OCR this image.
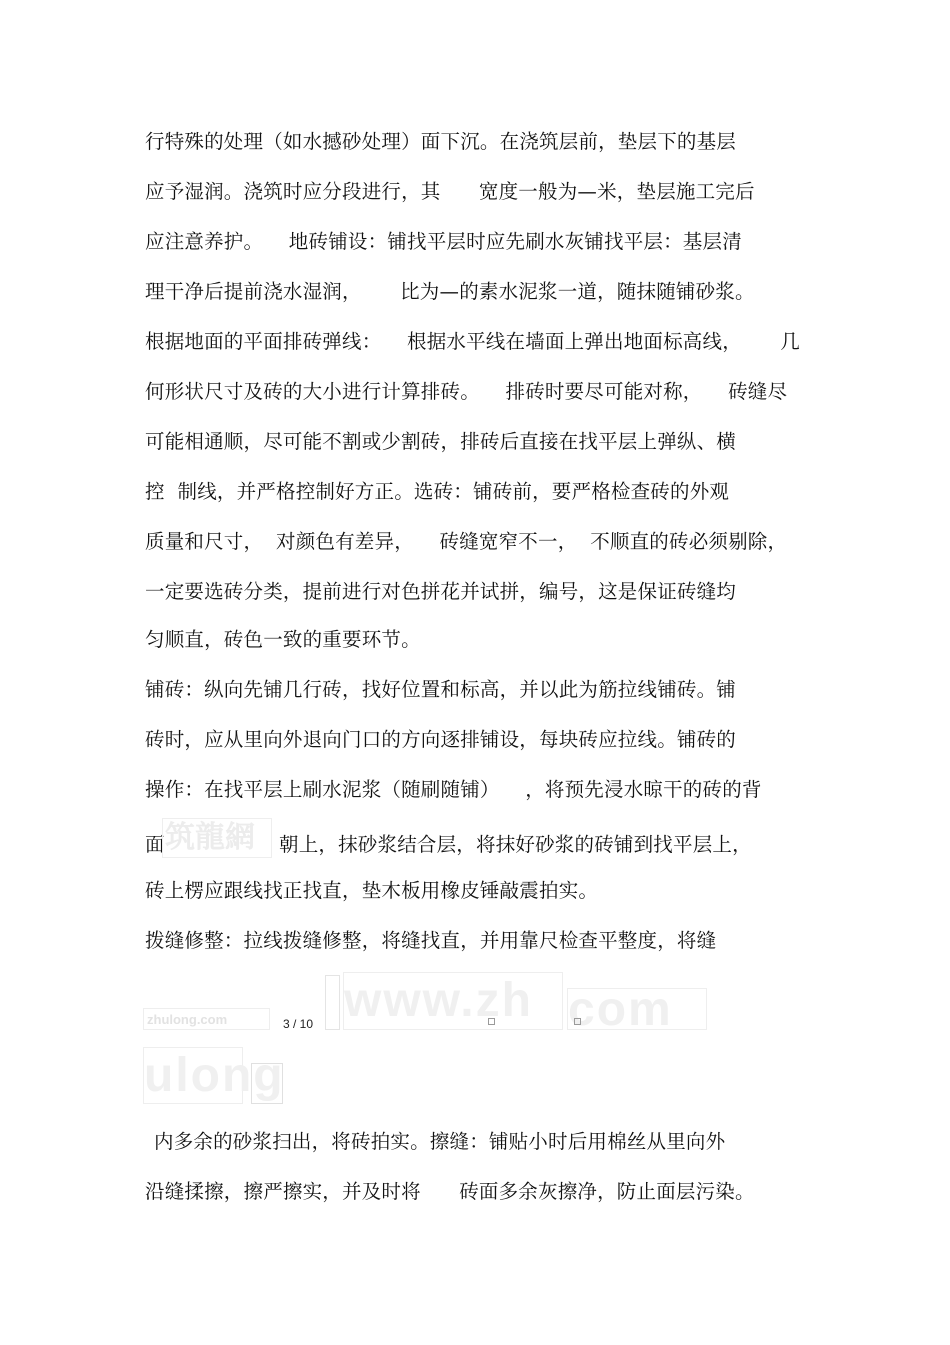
行特殊的处理（如水撼砂处理）面下沉。在浇筑层前，垫层下的基层
应予湿润。浇筑时应分段进行，其      宽度一般为—米，垫层施工完后
应注意养护。    地砖铺设：铺找平层时应先刷水灰铺找平层：基层清
理干净后提前浇水湿润，      比为—的素水泥浆一道，随抹随铺砂浆。
根据地面的平面排砖弹线：    根据水平线在墙面上弹出地面标高线，      几
何形状尺寸及砖的大小进行计算排砖。    排砖时要尽可能对称，    砖缝尽
可能相通顺，尽可能不割或少割砖，排砖后直接在找平层上弹纵、横
控  制线，并严格控制好方正。选砖：铺砖前，要严格检查砖的外观
质量和尺寸，  对颜色有差异，    砖缝宽窄不一，  不顺直的砖必须剔除，
一定要选砖分类，提前进行对色拼花并试拼，编号，这是保证砖缝均
匀顺直，砖色一致的重要环节。
铺砖：纵向先铺几行砖，找好位置和标高，并以此为筋拉线铺砖。铺
砖时，应从里向外退向门口的方向逐排铺设，每块砖应拉线。铺砖的
操作：在找平层上刷水泥浆（随刷随铺）    ，将预先浸水晾干的砖的背
面 筑龍網	朝上，抹砂浆结合层，将抹好砂浆的砖铺到找平层上，
砖上楞应跟线找正找直，垫木板用橡皮锤敲震拍实。
拨缝修整：拉线拨缝修整，将缝找直，并用靠尺检查平整度，将缝
zhulong.com	3 / 10 www.zh com
ulong
内多余的砂浆扫出，将砖拍实。擦缝：铺贴小时后用棉丝从里向外
沿缝揉擦，擦严擦实，并及时将      砖面多余灰擦净，防止面层污染。
